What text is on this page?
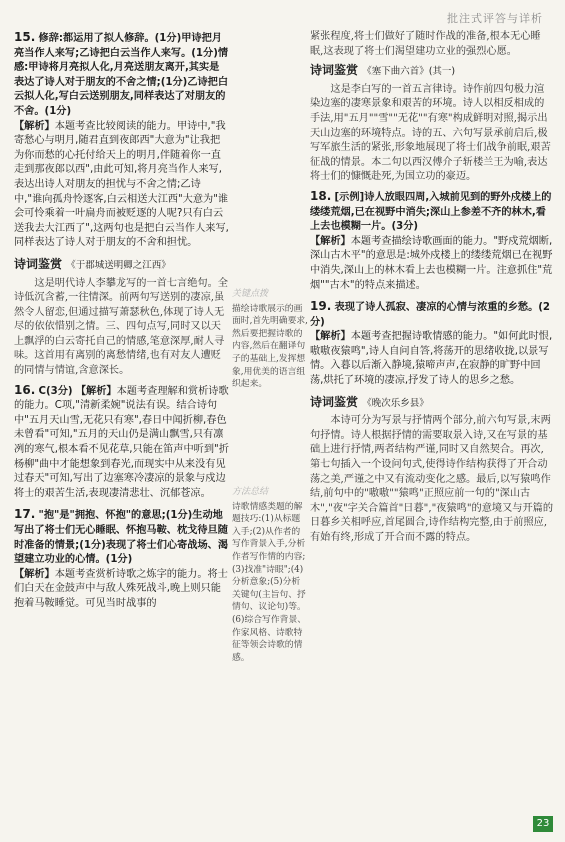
批注式评答与详析
15. 修辞:都运用了拟人修辞。(1分)甲诗把月亮当作人来写;乙诗把白云当作人来写。(1分)情感:甲诗将月亮拟人化,月亮送朋友离开,其实是表达了诗人对于朋友的不舍之情;(1分)乙诗把白云拟人化,写白云送别朋友,同样表达了对朋友的不舍。(1分)
【解析】本题考查比较阅读的能力。甲诗中,"我寄愁心与明月,随君直到夜郎西"大意为"让我把为你而愁的心托付给天上的明月,伴随着你一直走到那夜郎以西",由此可知,将月亮当作人来写,表达出诗人对朋友的担忧与不舍之情;乙诗中,"谁向孤舟怜逐客,白云相送大江西"大意为"谁会可怜乘着一叶扁舟而被贬逐的人呢?只有白云送我去大江西了",这两句也是把白云当作人来写,同样表达了诗人对于朋友的不舍和担忧。
诗词鉴赏 《于郡城送明卿之江西》
这是明代诗人李攀龙写的一首七言绝句。全诗低沉含蓄,一往情深。前两句写送别的凄凉,虽然令人留恋,但通过描写萧瑟秋色,体现了诗人无尽的依依惜别之情。三、四句点写,同时又以天上飘浮的白云寄托自己的情感,笔意深厚,耐人寻味。这首用有离别的离愁情绪,也有对友人遭贬的同情与情谊,含意深长。
16. C(3分) 【解析】本题考查理解和赏析诗歌的能力。C项,"清新柔婉"说法有误。结合诗句中"五月天山雪,无花只有寒",春日中闻折柳,春色未曾看"可知,"五月的天山仍是满山飘雪,只有凛冽的寒气,根本看不见花草,只能在笛声中听到"折杨柳"曲中才能想象到春光,而现实中从来没有见过春天"可知,写出了边塞寒冷凄凉的景象与戍边将士的艰苦生活,表现凄清悲壮、沉郁苍凉。
17. "抱"是"拥抱、怀抱"的意思;(1分)生动地写出了将士们无心睡眠、怀抱马鞍、枕戈待旦随时准备的情景;(1分)表现了将士们心寄战场、渴望建立功业的心情。(1分)
【解析】本题考查赏析诗歌之炼字的能力。将士们白天在金鼓声中与敌人殊死战斗,晚上则只能抱着马鞍睡觉。可见当时战事的
关键点拨
描绘诗歌展示的画面时,首先明确要求,然后要把握诗歌的内容,然后在翻译句子的基础上,发挥想象,用优美的语言组织起来。
方法总结
诗歌情感类题的解题技巧:(1)从标题入手;(2)从作者的写作背景入手,分析作者写作情的内容;(3)找准"诗眼";(4)分析意象;(5)分析关键句(主旨句、抒情句、议论句)等。(6)综合写作背景、作家风格、诗歌特征等领会诗歌的情感。
紧张程度,将士们做好了随时作战的准备,根本无心睡眠,这表现了将士们渴望建功立业的强烈心愿。
诗词鉴赏 《塞下曲六首》(其一)
这是李白写的一首五言律诗。诗作前四句极力渲染边塞的凄寒景象和艰苦的环境。诗人以相反相成的手法,用"五月""雪""无花""有寒"构成鲜明对照,揭示出天山边塞的环境特点。诗的五、六句写景承前启后,极写军旅生活的紧张,形象地展现了将士们战争前眠,艰苦征战的情景。本二句以西汉傅介子斩楼兰王为喻,表达将士们的慷慨赴死,为国立功的豪迈。
18. [示例]诗人放眼四周,入城前见到的野外戍楼上的缕缕荒烟,已在视野中消失;深山上参差不齐的林木,看上去也模糊一片。(3分)
【解析】本题考查描绘诗歌画面的能力。"野戍荒烟断,深山古木平"的意思是:城外戍楼上的缕缕荒烟已在视野中消失,深山上的林木看上去也模糊一片。注意抓住"荒烟""古木"的特点来描述。
19. 表现了诗人孤寂、凄凉的心情与浓重的乡愁。(2分)
【解析】本题考查把握诗歌情感的能力。"如何此时恨,嗷嗷夜猿鸣",诗人自问自答,将荡开的思绪收拢,以景写情。入暮以后渐入静境,猿啼声声,在寂静的旷野中回荡,烘托了环境的凄凉,抒发了诗人的思乡之愁。
诗词鉴赏 《晚次乐乡县》
本诗可分为写景与抒情两个部分,前六句写景,末两句抒情。诗人根据抒情的需要取景入诗,又在写景的基础上进行抒情,两者结构严谨,同时又自然契合。再次,第七句插入一个设问句式,使得诗作结构获得了开合动荡之美,严谨之中又有流动变化之感。最后,以写猿鸣作结,前句中的"嗷嗷""猿鸣"正照应前一句的"深山古木","夜"字关合篇首"日暮","夜猿鸣"的意境又与开篇的日暮乡关相呼应,首尾圆合,诗作结构完整,由于前照应,有始有终,形成了开合而不露的特点。
23
